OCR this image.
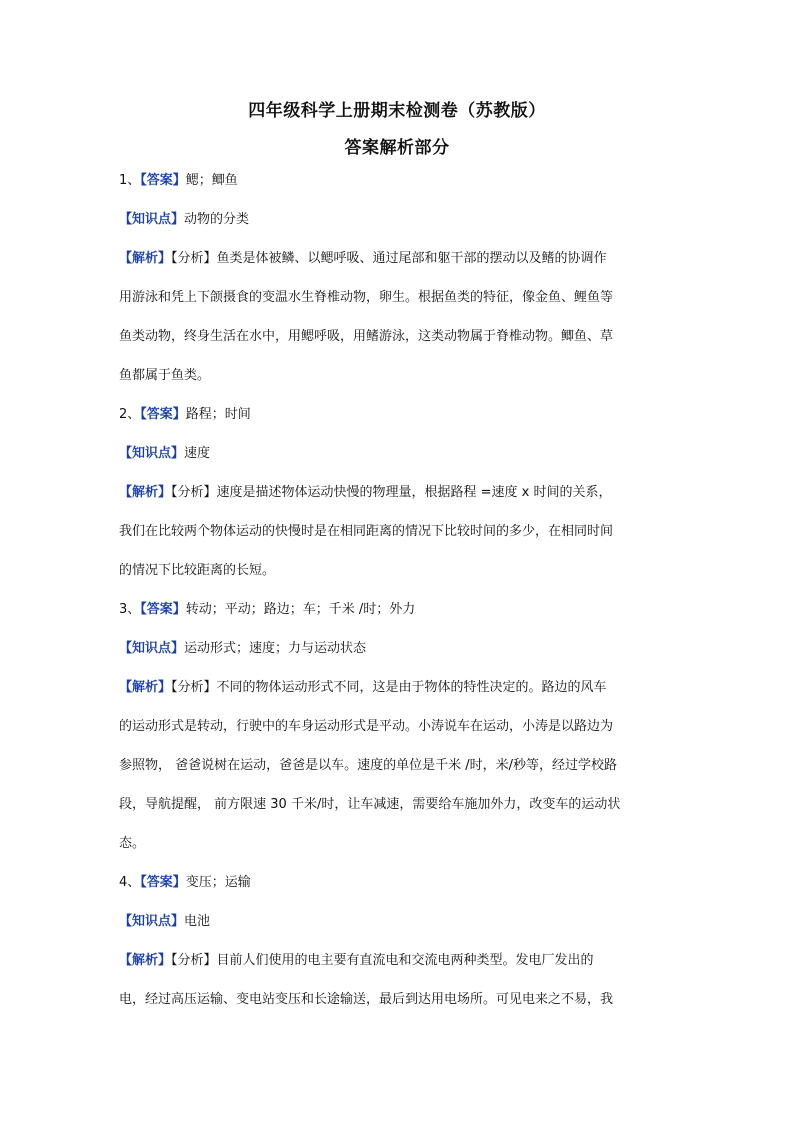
四年级科学上册期末检测卷（苏教版）
答案解析部分
1、【答案】鳃；鲫鱼
【知识点】动物的分类
【解析】【分析】鱼类是体被鳞、以鳃呼吸、通过尾部和躯干部的摆动以及鳍的协调作
用游泳和凭上下颌摄食的变温水生脊椎动物，卵生。根据鱼类的特征，像金鱼、鲤鱼等
鱼类动物，终身生活在水中，用鳃呼吸，用鳍游泳，这类动物属于脊椎动物。鲫鱼、草
鱼都属于鱼类。
2、【答案】路程；时间
【知识点】速度
【解析】【分析】速度是描述物体运动快慢的物理量，根据路程 =速度 x 时间的关系，
我们在比较两个物体运动的快慢时是在相同距离的情况下比较时间的多少，在相同时间
的情况下比较距离的长短。
3、【答案】转动；平动；路边；车；千米 /时；外力
【知识点】运动形式；速度；力与运动状态
【解析】【分析】不同的物体运动形式不同，这是由于物体的特性决定的。路边的风车
的运动形式是转动，行驶中的车身运动形式是平动。小涛说车在运动，小涛是以路边为
参照物， 爸爸说树在运动，爸爸是以车。速度的单位是千米 /时，米/秒等，经过学校路
段，导航提醒， 前方限速 30 千米/时，让车减速，需要给车施加外力，改变车的运动状
态。
4、【答案】变压；运输
【知识点】电池
【解析】【分析】目前人们使用的电主要有直流电和交流电两种类型。发电厂发出的
电，经过高压运输、变电站变压和长途输送，最后到达用电场所。可见电来之不易，我
